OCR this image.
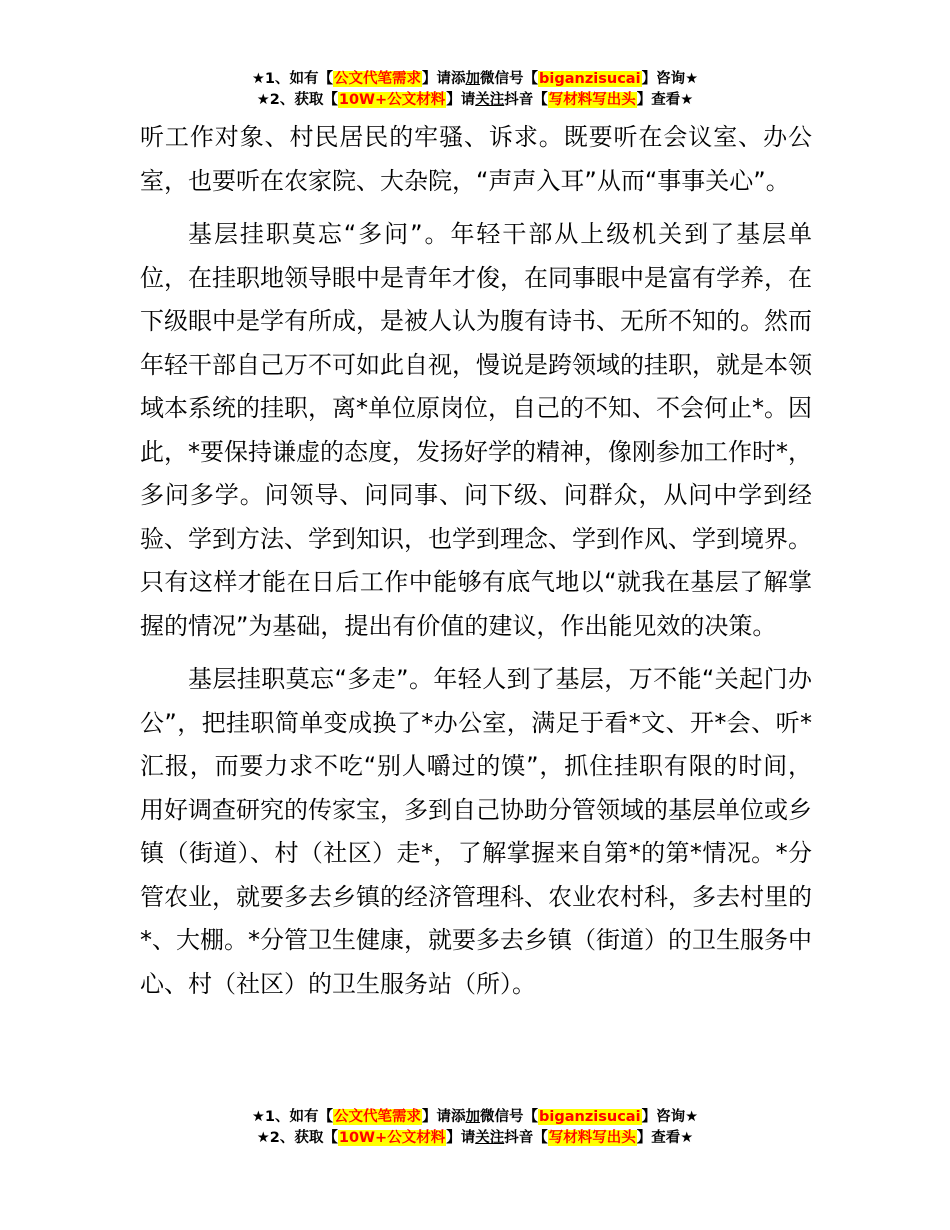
★1、如有【公文代笔需求】请添加微信号【biganzisucai】咨询★
★2、获取【10W+公文材料】请关注抖音【写材料写出头】查看★

听工作对象、村民居民的牢骚、诉求。既要听在会议室、办公室，也要听在农家院、大杂院，“声声入耳”从而“事事关心”。

基层挂职莫忘“多问”。年轻干部从上级机关到了基层单位，在挂职地领导眼中是青年才俊，在同事眼中是富有学养，在下级眼中是学有所成，是被人认为腹有诗书、无所不知的。然而年轻干部自己万不可如此自视，慢说是跨领域的挂职，就是本领域本系统的挂职，离*单位原岗位，自己的不知、不会何止*。因此，*要保持谦虚的态度，发扬好学的精神，像刚参加工作时*，多问多学。问领导、问同事、问下级、问群众，从问中学到经验、学到方法、学到知识，也学到理念、学到作风、学到境界。只有这样才能在日后工作中能够有底气地以“就我在基层了解掌握的情况”为基础，提出有价值的建议，作出能见效的决策。

基层挂职莫忘“多走”。年轻人到了基层，万不能“关起门办公”，把挂职简单变成换了*办公室，满足于看*文、开*会、听*汇报，而要力求不吃“别人嚼过的馍”，抓住挂职有限的时间，用好调查研究的传家宝，多到自己协助分管领域的基层单位或乡镇（街道）、村（社区）走*，了解掌握来自第*的第*情况。*分管农业，就要多去乡镇的经济管理科、农业农村科，多去村里的*、大棚。*分管卫生健康，就要多去乡镇（街道）的卫生服务中心、村（社区）的卫生服务站（所）。

★1、如有【公文代笔需求】请添加微信号【biganzisucai】咨询★
★2、获取【10W+公文材料】请关注抖音【写材料写出头】查看★
